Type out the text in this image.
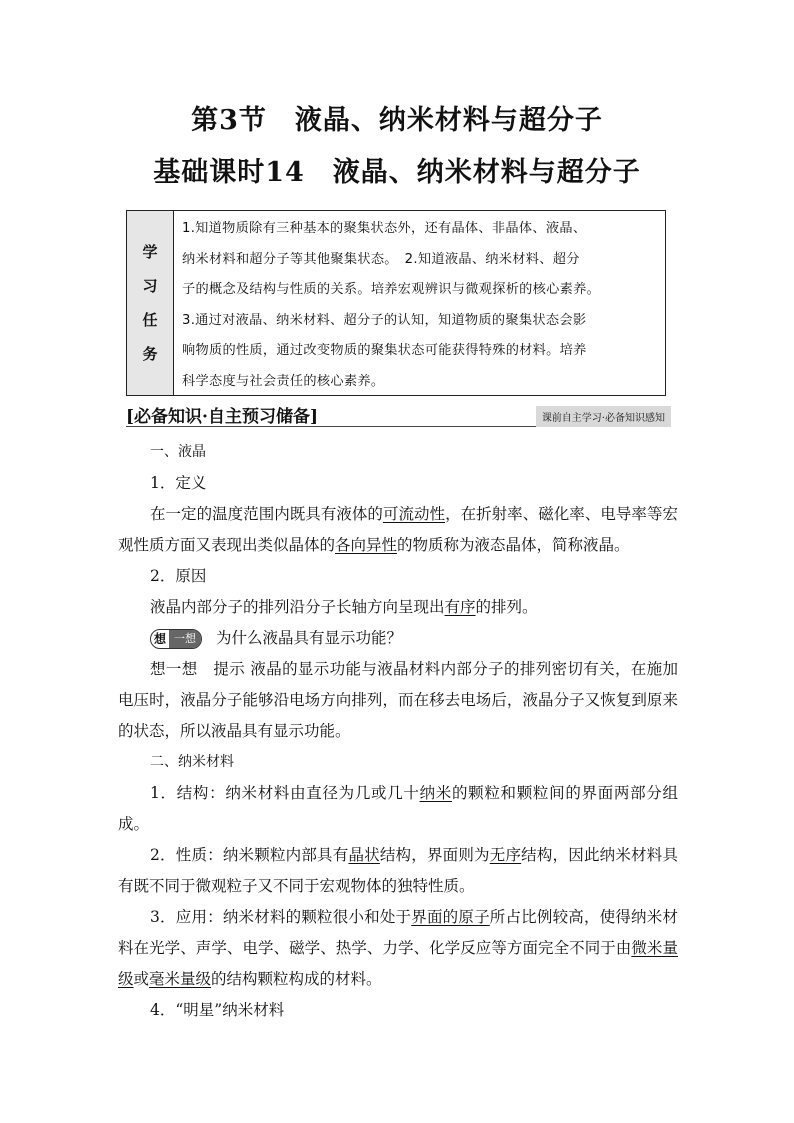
第3节　液晶、纳米材料与超分子
基础课时14　液晶、纳米材料与超分子
学
习
任
务

1.知道物质除有三种基本的聚集状态外，还有晶体、非晶体、液晶、

纳米材料和超分子等其他聚集状态。　2.知道液晶、纳米材料、超分

子的概念及结构与性质的关系。培养宏观辨识与微观探析的核心素养。

3.通过对液晶、纳米材料、超分子的认知，知道物质的聚集状态会影

响物质的性质，通过改变物质的聚集状态可能获得特殊的材料。培养

科学态度与社会责任的核心素养。

[必备知识·自主预习储备]	课前自主学习·必备知识感知

一、液晶

1．定义

在一定的温度范围内既具有液体的可流动性，在折射率、磁化率、电导率等宏观性质方面又表现出类似晶体的各向异性的物质称为液态晶体，简称液晶。

2．原因

液晶内部分子的排列沿分子长轴方向呈现出有序的排列。

想 一想	为什么液晶具有显示功能？

想一想　提示 液晶的显示功能与液晶材料内部分子的排列密切有关，在施加电压时，液晶分子能够沿电场方向排列，而在移去电场后，液晶分子又恢复到原来的状态，所以液晶具有显示功能。

二、纳米材料

1．结构：纳米材料由直径为几或几十纳米的颗粒和颗粒间的界面两部分组成。

2．性质：纳米颗粒内部具有晶状结构，界面则为无序结构，因此纳米材料具有既不同于微观粒子又不同于宏观物体的独特性质。

3．应用：纳米材料的颗粒很小和处于界面的原子所占比例较高，使得纳米材料在光学、声学、电学、磁学、热学、力学、化学反应等方面完全不同于由微米量级或毫米量级的结构颗粒构成的材料。

4．“明星”纳米材料
